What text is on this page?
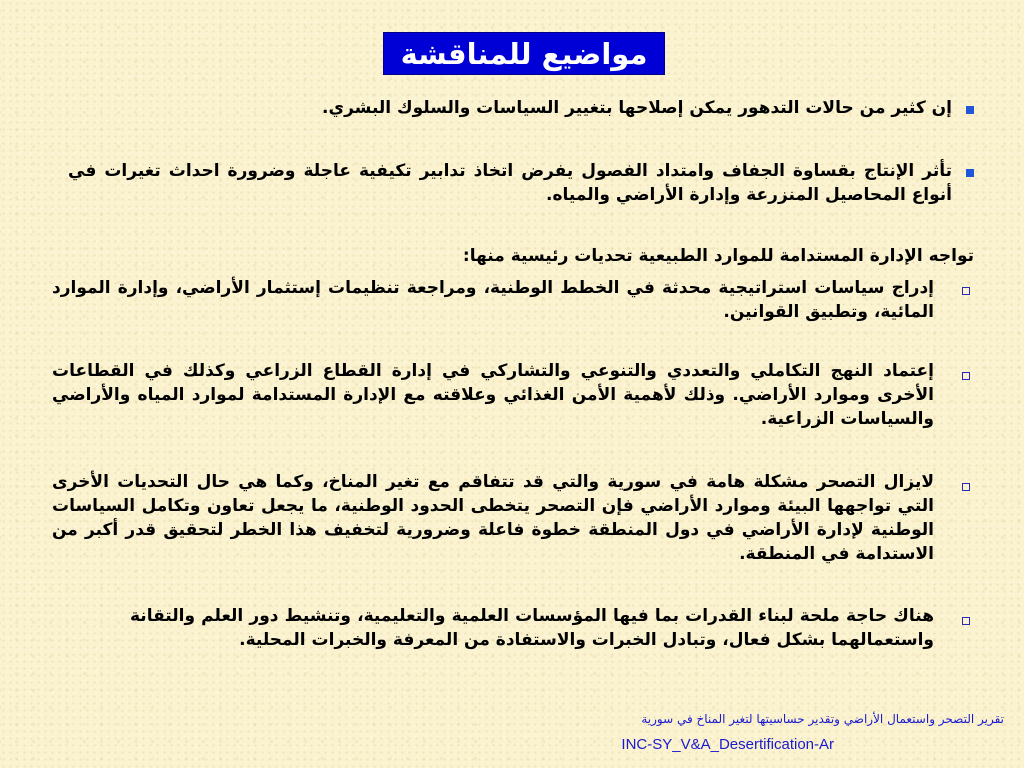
مواضيع للمناقشة
إن كثير من حالات التدهور يمكن إصلاحها بتغيير السياسات والسلوك البشري.
تأثر الإنتاج بقساوة الجفاف وامتداد الفصول يفرض اتخاذ تدابير تكيفية عاجلة وضرورة احداث تغيرات في أنواع المحاصيل المنزرعة وإدارة الأراضي والمياه.
تواجه الإدارة المستدامة للموارد الطبيعية تحديات رئيسية منها:
إدراج سياسات استراتيجية محدثة في الخطط الوطنية، ومراجعة تنظيمات إستثمار الأراضي، وإدارة الموارد المائية، وتطبيق القوانين.
إعتماد النهج التكاملي والتعددي والتنوعي والتشاركي في إدارة القطاع الزراعي وكذلك في القطاعات الأخرى وموارد الأراضي. وذلك لأهمية الأمن الغذائي وعلاقته مع الإدارة المستدامة لموارد المياه والأراضي والسياسات الزراعية.
لايزال التصحر مشكلة هامة في سورية والتي قد تتفاقم مع تغير المناخ، وكما هي حال التحديات الأخرى التي تواجهها البيئة وموارد الأراضي فإن التصحر يتخطى الحدود الوطنية، ما يجعل تعاون وتكامل السياسات الوطنية لإدارة الأراضي في دول المنطقة خطوة فاعلة وضرورية لتخفيف هذا الخطر لتحقيق قدر أكبر من الاستدامة في المنطقة.
هناك حاجة ملحة لبناء القدرات بما فيها المؤسسات العلمية والتعليمية، وتنشيط دور العلم والتقانة واستعمالهما بشكل فعال، وتبادل الخبرات والاستفادة من المعرفة والخبرات المحلية.
تقرير التصحر واستعمال الأراضي وتقدير حساسيتها لتغير المناخ في سورية
INC-SY_V&A_Desertification-Ar
